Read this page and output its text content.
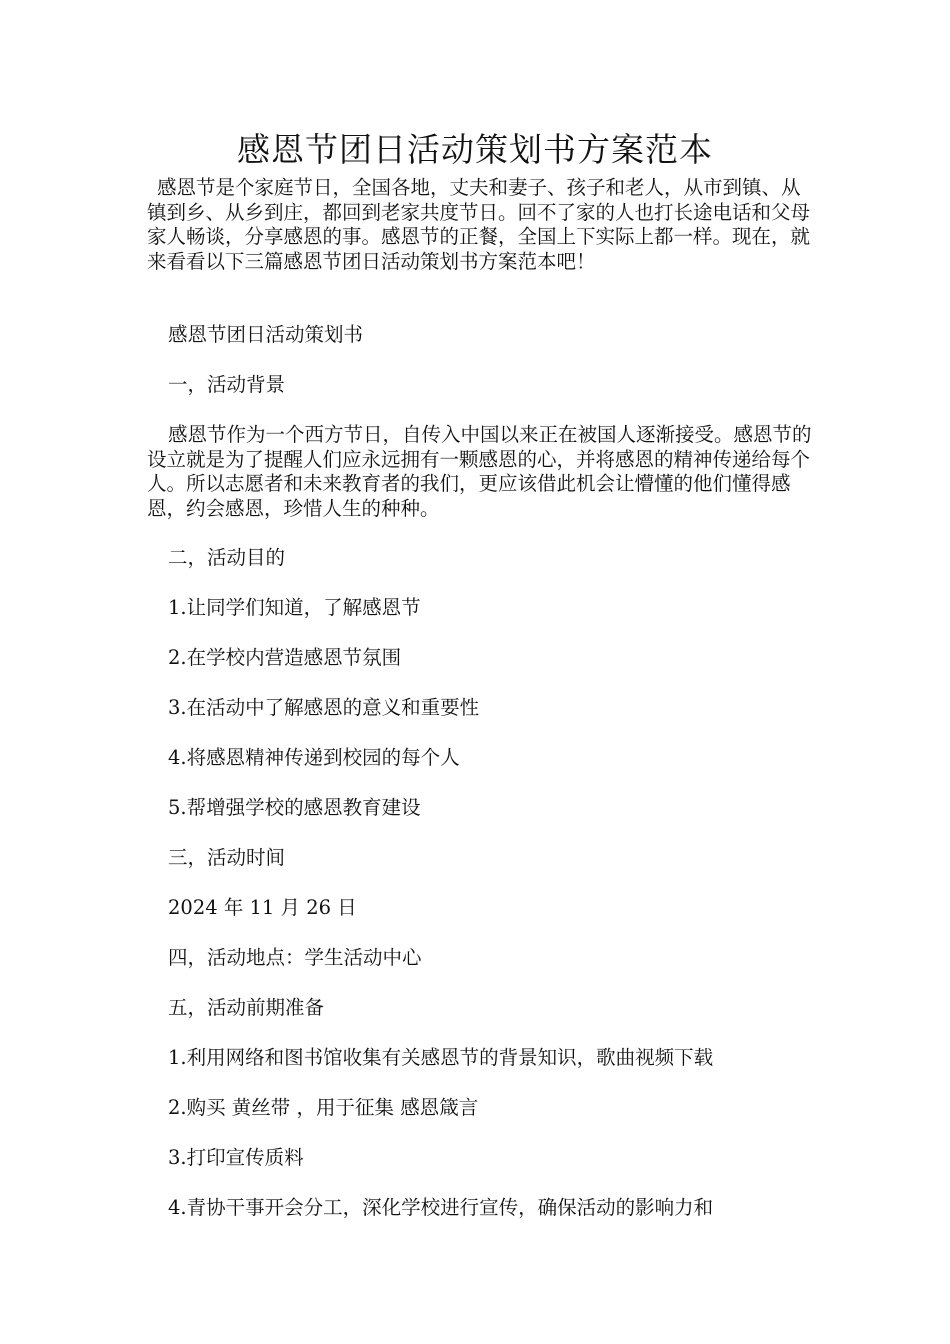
感恩节团日活动策划书方案范本

感恩节是个家庭节日，全国各地，丈夫和妻子、孩子和老人，从市到镇、从镇到乡、从乡到庄，都回到老家共度节日。回不了家的人也打长途电话和父母家人畅谈，分享感恩的事。感恩节的正餐，全国上下实际上都一样。现在，就来看看以下三篇感恩节团日活动策划书方案范本吧！

感恩节团日活动策划书

一，活动背景

感恩节作为一个西方节日，自传入中国以来正在被国人逐渐接受。感恩节的设立就是为了提醒人们应永远拥有一颗感恩的心，并将感恩的精神传递给每个人。所以志愿者和未来教育者的我们，更应该借此机会让懵懂的他们懂得感恩，约会感恩，珍惜人生的种种。

二，活动目的

1.让同学们知道，了解感恩节

2.在学校内营造感恩节氛围

3.在活动中了解感恩的意义和重要性

4.将感恩精神传递到校园的每个人

5.帮增强学校的感恩教育建设

三，活动时间

2024 年 11 月 26 日

四，活动地点：学生活动中心

五，活动前期准备

1.利用网络和图书馆收集有关感恩节的背景知识，歌曲视频下载

2.购买 黄丝带 ，用于征集 感恩箴言

3.打印宣传质料

4.青协干事开会分工，深化学校进行宣传，确保活动的影响力和
